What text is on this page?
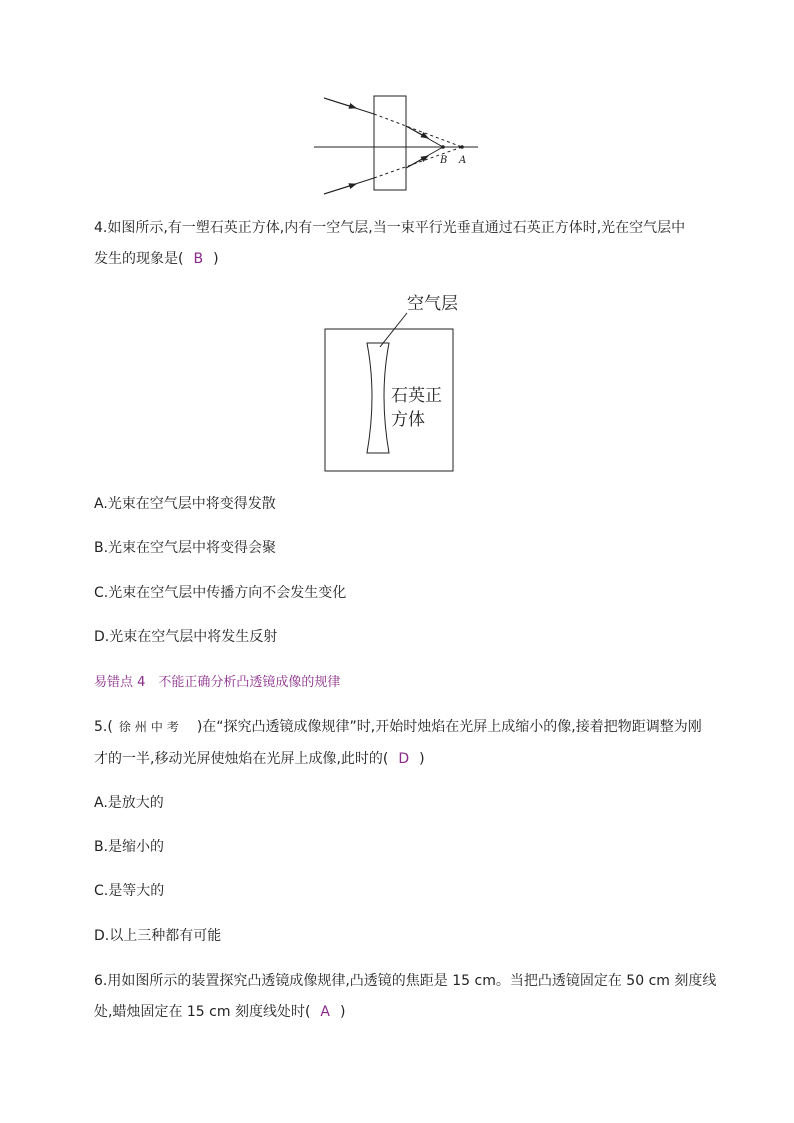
B A
4.如图所示,有一塑石英正方体,内有一空气层,当一束平行光垂直通过石英正方体时,光在空气层中
发生的现象是( B )
空气层
石英正
方体
A.光束在空气层中将变得发散
B.光束在空气层中将变得会聚
C.光束在空气层中传播方向不会发生变化
D.光束在空气层中将发生反射
易错点 4　不能正确分析凸透镜成像的规律
5.( 徐州中考 )在“探究凸透镜成像规律”时,开始时烛焰在光屏上成缩小的像,接着把物距调整为刚
才的一半,移动光屏使烛焰在光屏上成像,此时的( D )
A.是放大的
B.是缩小的
C.是等大的
D.以上三种都有可能
6.用如图所示的装置探究凸透镜成像规律,凸透镜的焦距是 15 cm。当把凸透镜固定在 50 cm 刻度线
处,蜡烛固定在 15 cm 刻度线处时( A )
